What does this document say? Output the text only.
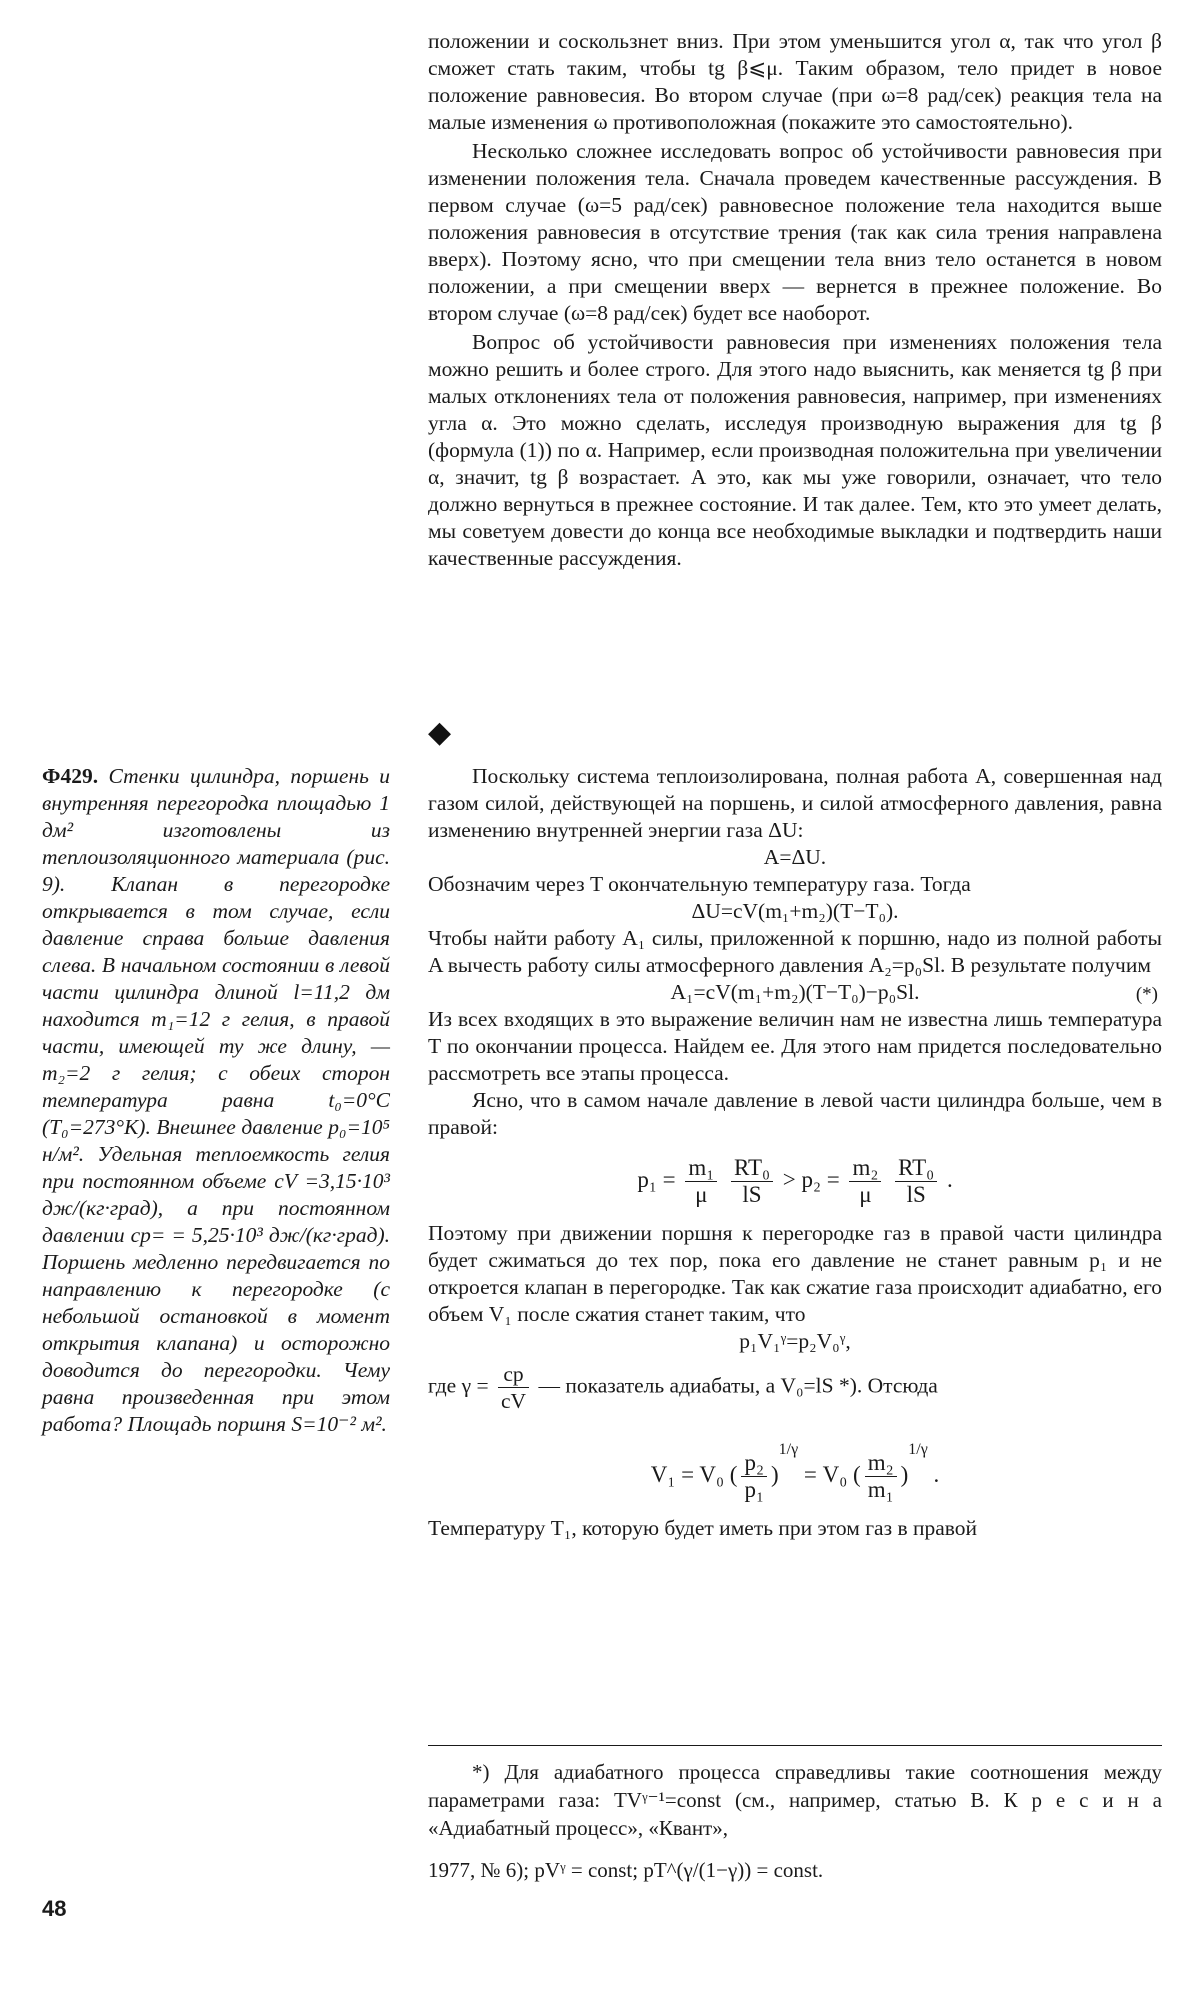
положении и соскользнет вниз. При этом уменьшится угол α, так что угол β сможет стать таким, чтобы tg β⩽μ. Таким образом, тело придет в новое положение равновесия. Во втором случае (при ω=8 рад/сек) реакция тела на малые изменения ω противоположная (покажите это самостоятельно).

Несколько сложнее исследовать вопрос об устойчивости равновесия при изменении положения тела. Сначала проведем качественные рассуждения. В первом случае (ω=5 рад/сек) равновесное положение тела находится выше положения равновесия в отсутствие трения (так как сила трения направлена вверх). Поэтому ясно, что при смещении тела вниз тело останется в новом положении, а при смещении вверх — вернется в прежнее положение. Во втором случае (ω=8 рад/сек) будет все наоборот.

Вопрос об устойчивости равновесия при изменениях положения тела можно решить и более строго. Для этого надо выяснить, как меняется tg β при малых отклонениях тела от положения равновесия, например, при изменениях угла α. Это можно сделать, исследуя производную выражения для tg β (формула (1)) по α. Например, если производная положительна при увеличении α, значит, tg β возрастает. А это, как мы уже говорили, означает, что тело должно вернуться в прежнее состояние. И так далее. Тем, кто это умеет делать, мы советуем довести до конца все необходимые выкладки и подтвердить наши качественные рассуждения.

◆
Ф429. Стенки цилиндра, поршень и внутренняя перегородка площадью 1 дм² изготовлены из теплоизоляционного материала (рис. 9). Клапан в перегородке открывается в том случае, если давление справа больше давления слева. В начальном состоянии в левой части цилиндра длиной l=11,2 дм находится m₁=12 г гелия, в правой части, имеющей ту же длину, — m₂=2 г гелия; с обеих сторон температура равна t₀=0°C (T₀=273°K). Внешнее давление p₀=10⁵ н/м². Удельная теплоемкость гелия при постоянном объеме cV =3,15·10³ дж/(кг·град), а при постоянном давлении cp= = 5,25·10³ дж/(кг·град). Поршень медленно передвигается по направлению к перегородке (с небольшой остановкой в момент открытия клапана) и осторожно доводится до перегородки. Чему равна произведенная при этом работа? Площадь поршня S=10⁻² м².

Поскольку система теплоизолирована, полная работа A, совершенная над газом силой, действующей на поршень, и силой атмосферного давления, равна изменению внутренней энергии газа ΔU:

A=ΔU.

Обозначим через T окончательную температуру газа. Тогда

ΔU=cV(m₁+m₂)(T−T₀).

Чтобы найти работу A₁ силы, приложенной к поршню, надо из полной работы A вычесть работу силы атмосферного давления A₂=p₀Sl. В результате получим

A₁=cV(m₁+m₂)(T−T₀)−p₀Sl.	(*)

Из всех входящих в это выражение величин нам не известна лишь температура T по окончании процесса. Найдем ее. Для этого нам придется последовательно рассмотреть все этапы процесса.

Ясно, что в самом начале давление в левой части цилиндра больше, чем в правой:

$p_1 = \frac{\text{m₁}}{\mu}$
$\frac{\text{RT₀}}{lS} > p_2 = \frac{\text{m₂}}{\mu}$
$\frac{\text{RT₀}}{lS}$ .

Поэтому при движении поршня к перегородке газ в правой части цилиндра будет сжиматься до тех пор, пока его давление не станет равным p₁ и не откроется клапан в перегородке. Так как сжатие газа происходит адиабатно, его объем V₁ после сжатия станет таким, что

p₁V₁ᵞ=p₂V₀ᵞ,

где $\gamma = \frac{cp}{cV}$ — показатель адиабаты, а V₀=lS *). Отсюда

V₁ = V₀ ( $\frac{\text{p₂}}{\text{p₁}} )^{1/\gamma} = V_0$ ( $\frac{\text{m₂}}{\text{m₁}} )^{1/\gamma}$ .

Температуру T₁, которую будет иметь при этом газ в правой

*) Для адиабатного процесса справедливы такие соотношения между параметрами газа: TVᵞ⁻¹=const (см., например, статью В. К р е с и н а «Адиабатный процесс», «Квант»,

1977, № 6); pVᵞ = const; pT^(γ/(1−γ)) = const.

48
